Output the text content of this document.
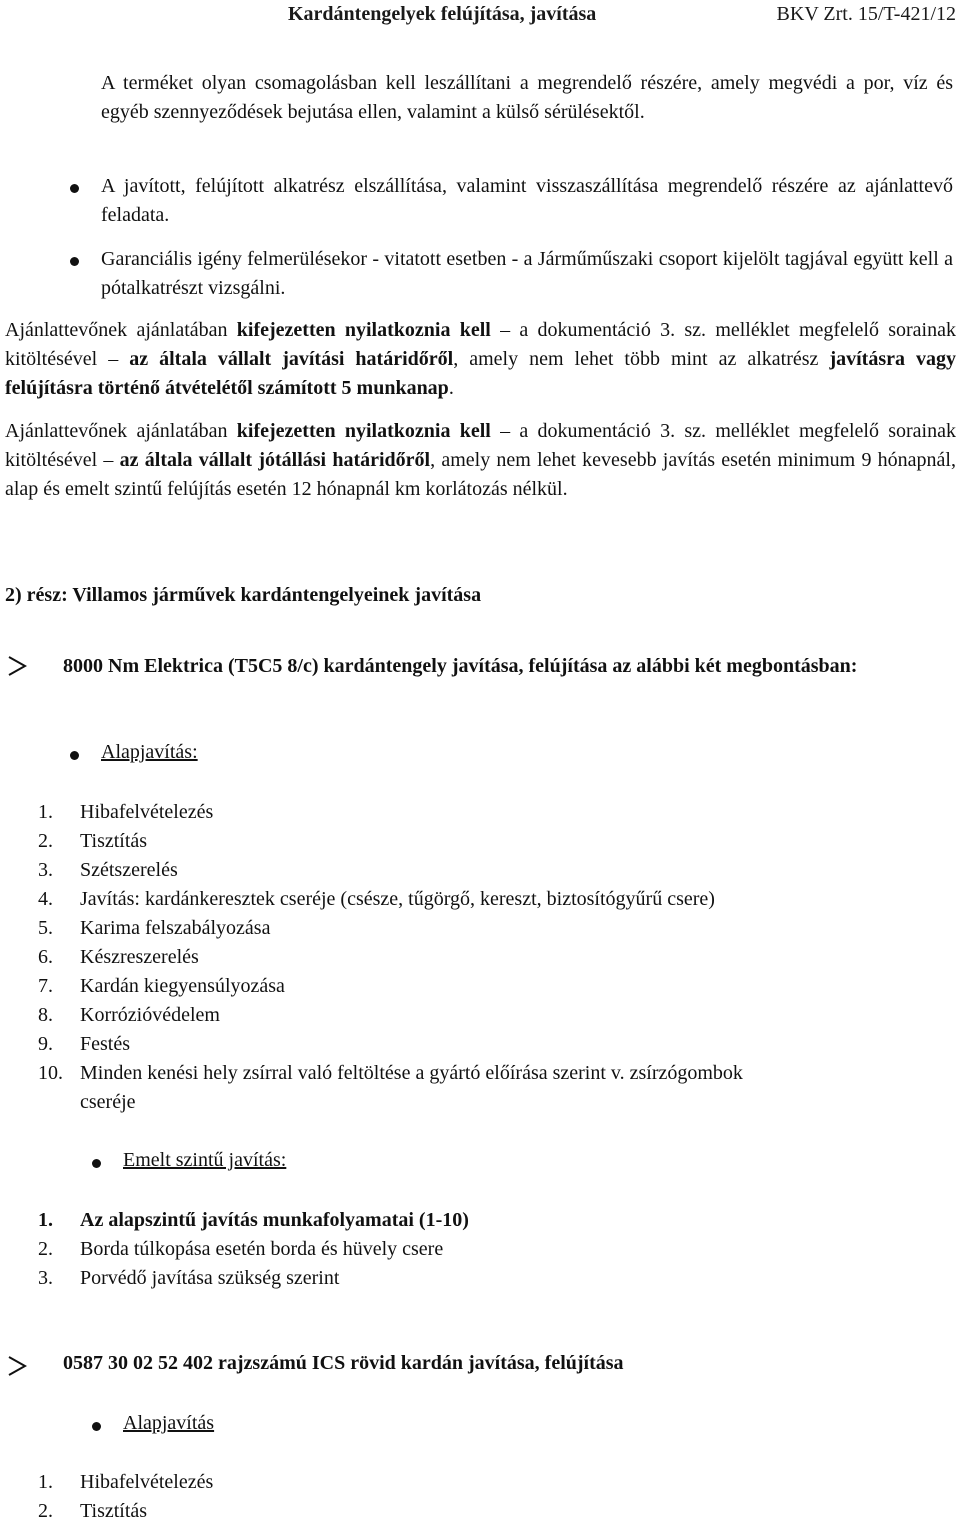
Kardántengelyek felújítása, javítása	BKV Zrt. 15/T-421/12

A terméket olyan csomagolásban kell leszállítani a megrendelő részére, amely megvédi a por, víz és egyéb szennyeződések bejutása ellen, valamint a külső sérülésektől.

A javított, felújított alkatrész elszállítása, valamint visszaszállítása megrendelő részére az ajánlattevő feladata.

Garanciális igény felmerülésekor - vitatott esetben - a Járműműszaki csoport kijelölt tagjával együtt kell a pótalkatrészt vizsgálni.

Ajánlattevőnek ajánlatában kifejezetten nyilatkoznia kell – a dokumentáció 3. sz. melléklet megfelelő sorainak kitöltésével – az általa vállalt javítási határidőről, amely nem lehet több mint az alkatrész javításra vagy felújításra történő átvételétől számított 5 munkanap.

Ajánlattevőnek ajánlatában kifejezetten nyilatkoznia kell – a dokumentáció 3. sz. melléklet megfelelő sorainak kitöltésével – az általa vállalt jótállási határidőről, amely nem lehet kevesebb javítás esetén minimum 9 hónapnál, alap és emelt szintű felújítás esetén 12 hónapnál km korlátozás nélkül.

2) rész: Villamos járművek kardántengelyeinek javítása

8000 Nm Elektrica (T5C5 8/c) kardántengely javítása, felújítása az alábbi két megbontásban:

Alapjavítás:
1. Hibafelvételezés
2. Tisztítás
3. Szétszerelés
4. Javítás: kardánkeresztek cseréje (csésze, tűgörgő, kereszt, biztosítógyűrű csere)
5. Karima felszabályozása
6. Készreszerelés
7. Kardán kiegyensúlyozása
8. Korrózióvédelem
9. Festés
10. Minden kenési hely zsírral való feltöltése a gyártó előírása szerint v. zsírzógombok
cseréje
Emelt szintű javítás:
1. Az alapszintű javítás munkafolyamatai (1-10)
2. Borda túlkopása esetén borda és hüvely csere
3. Porvédő javítása szükség szerint
0587 30 02 52 402 rajzszámú ICS rövid kardán javítása, felújítása
Alapjavítás
1. Hibafelvételezés
2. Tisztítás
